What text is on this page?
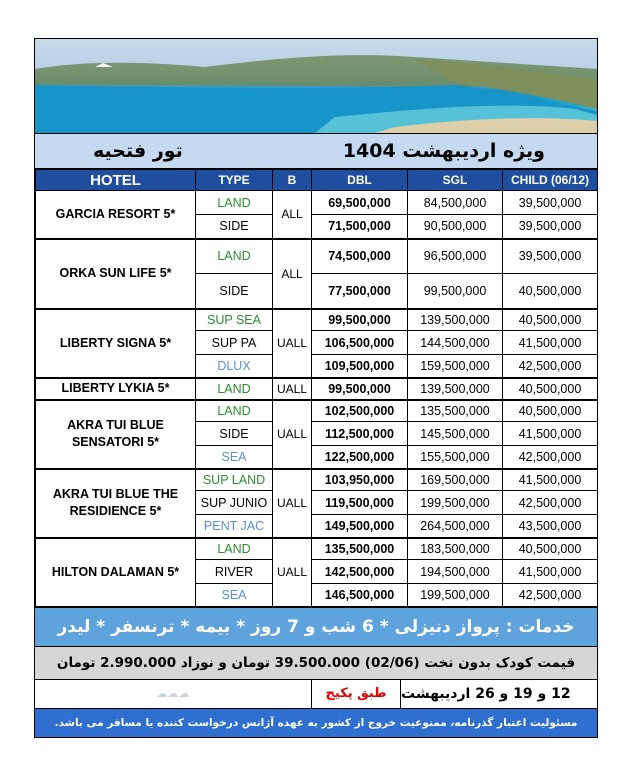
ویژه اردیبهشت 1404
تور فتحیه
HOTEL	TYPE	B	DBL	SGL	CHILD (06/12)
GARCIA RESORT 5*	LAND	ALL	69,500,000	84,500,000	39,500,000
	SIDE		71,500,000	90,500,000	39,500,000
ORKA SUN LIFE 5*	LAND	ALL	74,500,000	96,500,000	39,500,000
	SIDE		77,500,000	99,500,000	40,500,000
LIBERTY SIGNA 5*	SUP SEA	UALL	99,500,000	139,500,000	40,500,000
	SUP PA		106,500,000	144,500,000	41,500,000
	DLUX		109,500,000	159,500,000	42,500,000
LIBERTY LYKIA 5*	LAND	UALL	99,500,000	139,500,000	40,500,000
AKRA TUI BLUE SENSATORI 5*	LAND	UALL	102,500,000	135,500,000	40,500,000
	SIDE		112,500,000	145,500,000	41,500,000
	SEA		122,500,000	155,500,000	42,500,000
AKRA TUI BLUE THE RESIDIENCE 5*	SUP LAND	UALL	103,950,000	169,500,000	41,500,000
	SUP JUNIO		119,500,000	199,500,000	42,500,000
	PENT JAC		149,500,000	264,500,000	43,500,000
HILTON DALAMAN 5*	LAND	UALL	135,500,000	183,500,000	40,500,000
	RIVER		142,500,000	194,500,000	41,500,000
	SEA		146,500,000	199,500,000	42,500,000
خدمات : پرواز دنیزلی * 6 شب و 7 روز * بیمه * ترنسفر * لیدر
قیمت کودک بدون تخت (02/06) 39.500.000 تومان و نوزاد 2.990.000 تومان
☁☁☁	طبق پکیج	12 و 19 و 26 اردیبهشت
مسئولیت اعتبار گذرنامه، ممنوعیت خروج از کشور به عهده آژانس درخواست کننده یا مسافر می باشد.
